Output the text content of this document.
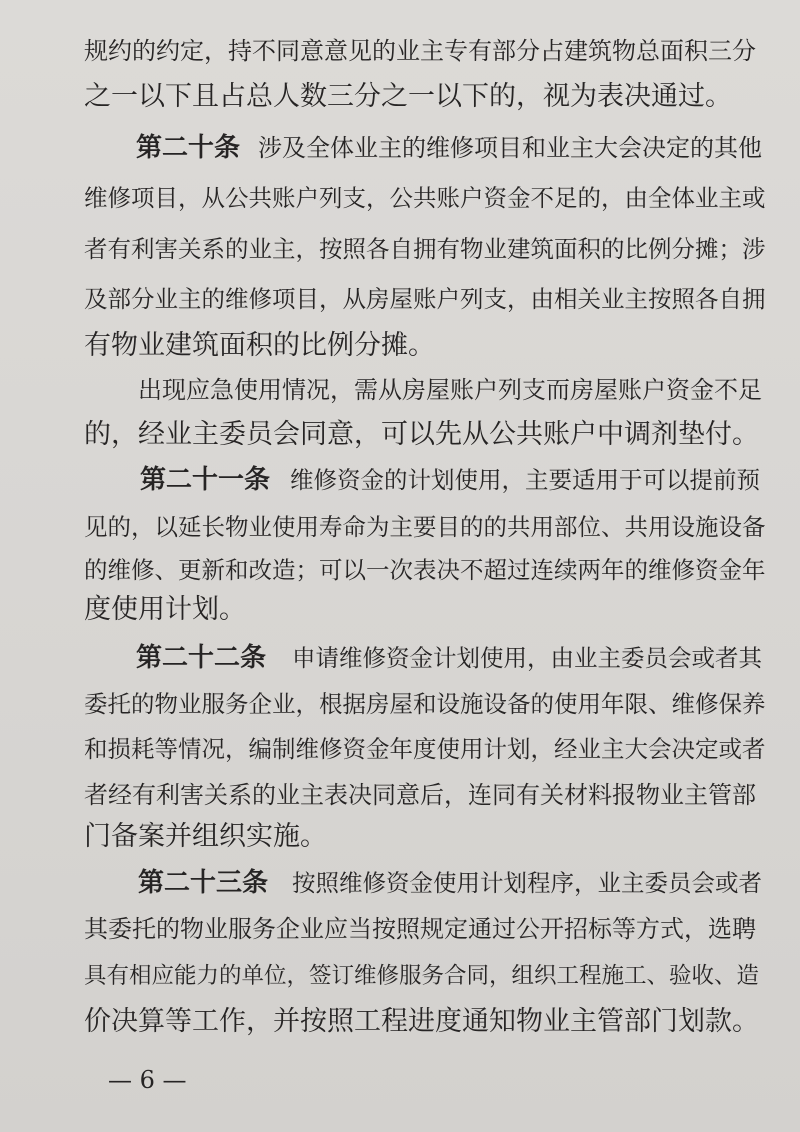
规约的约定，持不同意意见的业主专有部分占建筑物总面积三分
之一以下且占总人数三分之一以下的，视为表决通过。
第二十条 涉及全体业主的维修项目和业主大会决定的其他
维修项目，从公共账户列支，公共账户资金不足的，由全体业主或
者有利害关系的业主，按照各自拥有物业建筑面积的比例分摊；涉
及部分业主的维修项目，从房屋账户列支，由相关业主按照各自拥
有物业建筑面积的比例分摊。
出现应急使用情况，需从房屋账户列支而房屋账户资金不足
的，经业主委员会同意，可以先从公共账户中调剂垫付。
第二十一条 维修资金的计划使用，主要适用于可以提前预
见的，以延长物业使用寿命为主要目的的共用部位、共用设施设备
的维修、更新和改造；可以一次表决不超过连续两年的维修资金年
度使用计划。
第二十二条 申请维修资金计划使用，由业主委员会或者其
委托的物业服务企业，根据房屋和设施设备的使用年限、维修保养
和损耗等情况，编制维修资金年度使用计划，经业主大会决定或者
者经有利害关系的业主表决同意后，连同有关材料报物业主管部
门备案并组织实施。
第二十三条 按照维修资金使用计划程序，业主委员会或者
其委托的物业服务企业应当按照规定通过公开招标等方式，选聘
具有相应能力的单位，签订维修服务合同，组织工程施工、验收、造
价决算等工作，并按照工程进度通知物业主管部门划款。
— 6 —
